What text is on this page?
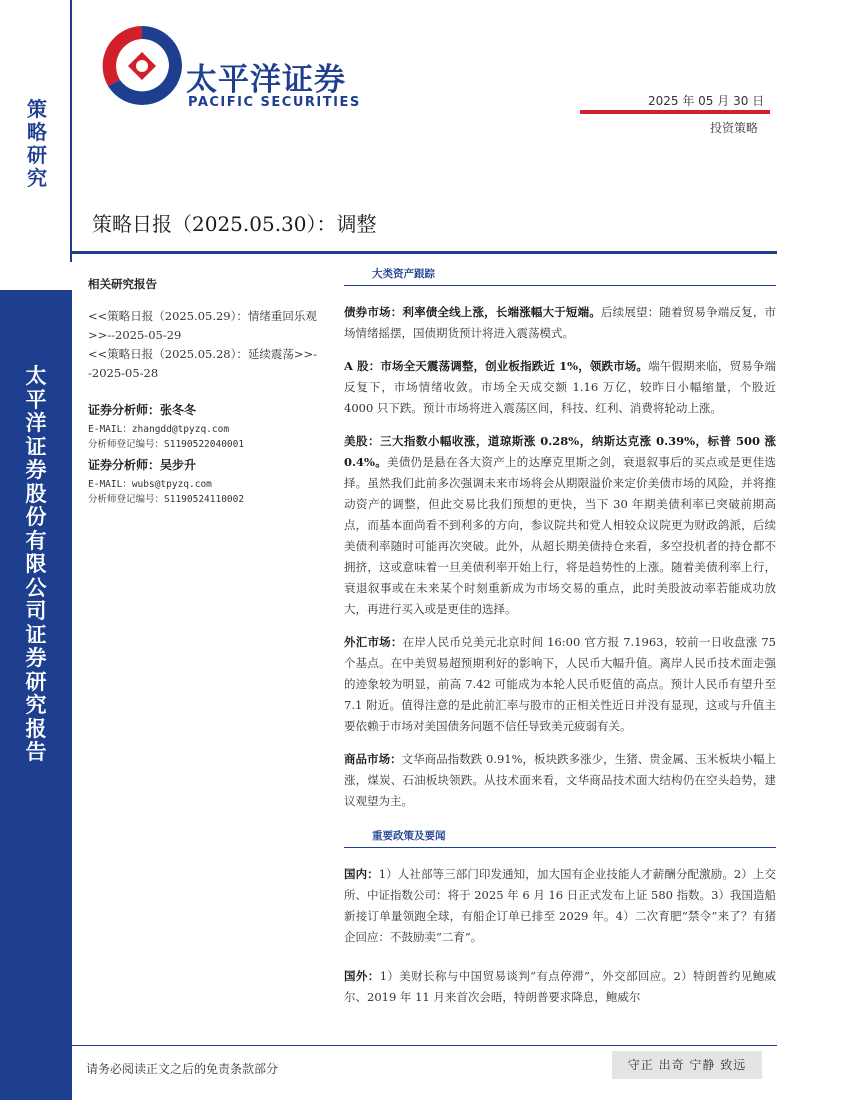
策略研究
太平洋证券股份有限公司证券研究报告
太平洋证券
PACIFIC SECURITIES	2025 年 05 月 30 日
投资策略
策略日报（2025.05.30）：调整
相关研究报告
<<策略日报（2025.05.29）：情绪重回乐观>>--2025-05-29
<<策略日报（2025.05.28）：延续震荡>>--2025-05-28
证券分析师：张冬冬
E-MAIL：zhangdd@tpyzq.com
分析师登记编号：S1190522040001
证券分析师：吴步升
E-MAIL：wubs@tpyzq.com
分析师登记编号：S1190524110002
大类资产跟踪

债券市场：利率债全线上涨，长端涨幅大于短端。后续展望：随着贸易争端反复，市场情绪摇摆，国债期货预计将进入震荡模式。

A 股：市场全天震荡调整，创业板指跌近 1%，领跌市场。端午假期来临，贸易争端反复下，市场情绪收敛。市场全天成交额 1.16 万亿，较昨日小幅缩量，个股近 4000 只下跌。预计市场将进入震荡区间，科技、红利、消费将轮动上涨。

美股：三大指数小幅收涨，道琼斯涨 0.28%，纳斯达克涨 0.39%，标普 500 涨 0.4%。美债仍是悬在各大资产上的达摩克里斯之剑，衰退叙事后的买点或是更佳选择。虽然我们此前多次强调未来市场将会从期限溢价来定价美债市场的风险，并将推动资产的调整，但此交易比我们预想的更快，当下 30 年期美债利率已突破前期高点，而基本面尚看不到利多的方向，参议院共和党人相较众议院更为财政鸽派，后续美债利率随时可能再次突破。此外，从超长期美债持仓来看，多空投机者的持仓都不拥挤，这或意味着一旦美债利率开始上行，将是趋势性的上涨。随着美债利率上行，衰退叙事或在未来某个时刻重新成为市场交易的重点，此时美股波动率若能成功放大，再进行买入或是更佳的选择。

外汇市场：在岸人民币兑美元北京时间 16:00 官方报 7.1963，较前一日收盘涨 75 个基点。在中美贸易超预期利好的影响下，人民币大幅升值。离岸人民币技术面走强的迹象较为明显，前高 7.42 可能成为本轮人民币贬值的高点。预计人民币有望升至 7.1 附近。值得注意的是此前汇率与股市的正相关性近日并没有显现，这或与升值主要依赖于市场对美国债务问题不信任导致美元疲弱有关。

商品市场：文华商品指数跌 0.91%，板块跌多涨少，生猪、贵金属、玉米板块小幅上涨，煤炭、石油板块领跌。从技术面来看，文华商品技术面大结构仍在空头趋势，建议观望为主。

重要政策及要闻

国内：1）人社部等三部门印发通知，加大国有企业技能人才薪酬分配激励。2）上交所、中证指数公司：将于 2025 年 6 月 16 日正式发布上证 580 指数。3）我国造船新接订单量领跑全球，有船企订单已排至 2029 年。4）二次育肥“禁令”来了？有猪企回应：不鼓励卖“二育”。

国外：1）美财长称与中国贸易谈判“有点停滞”，外交部回应。2）特朗普约见鲍威尔、2019 年 11 月来首次会晤，特朗普要求降息，鲍威尔

请务必阅读正文之后的免责条款部分	守正 出奇 宁静 致远
